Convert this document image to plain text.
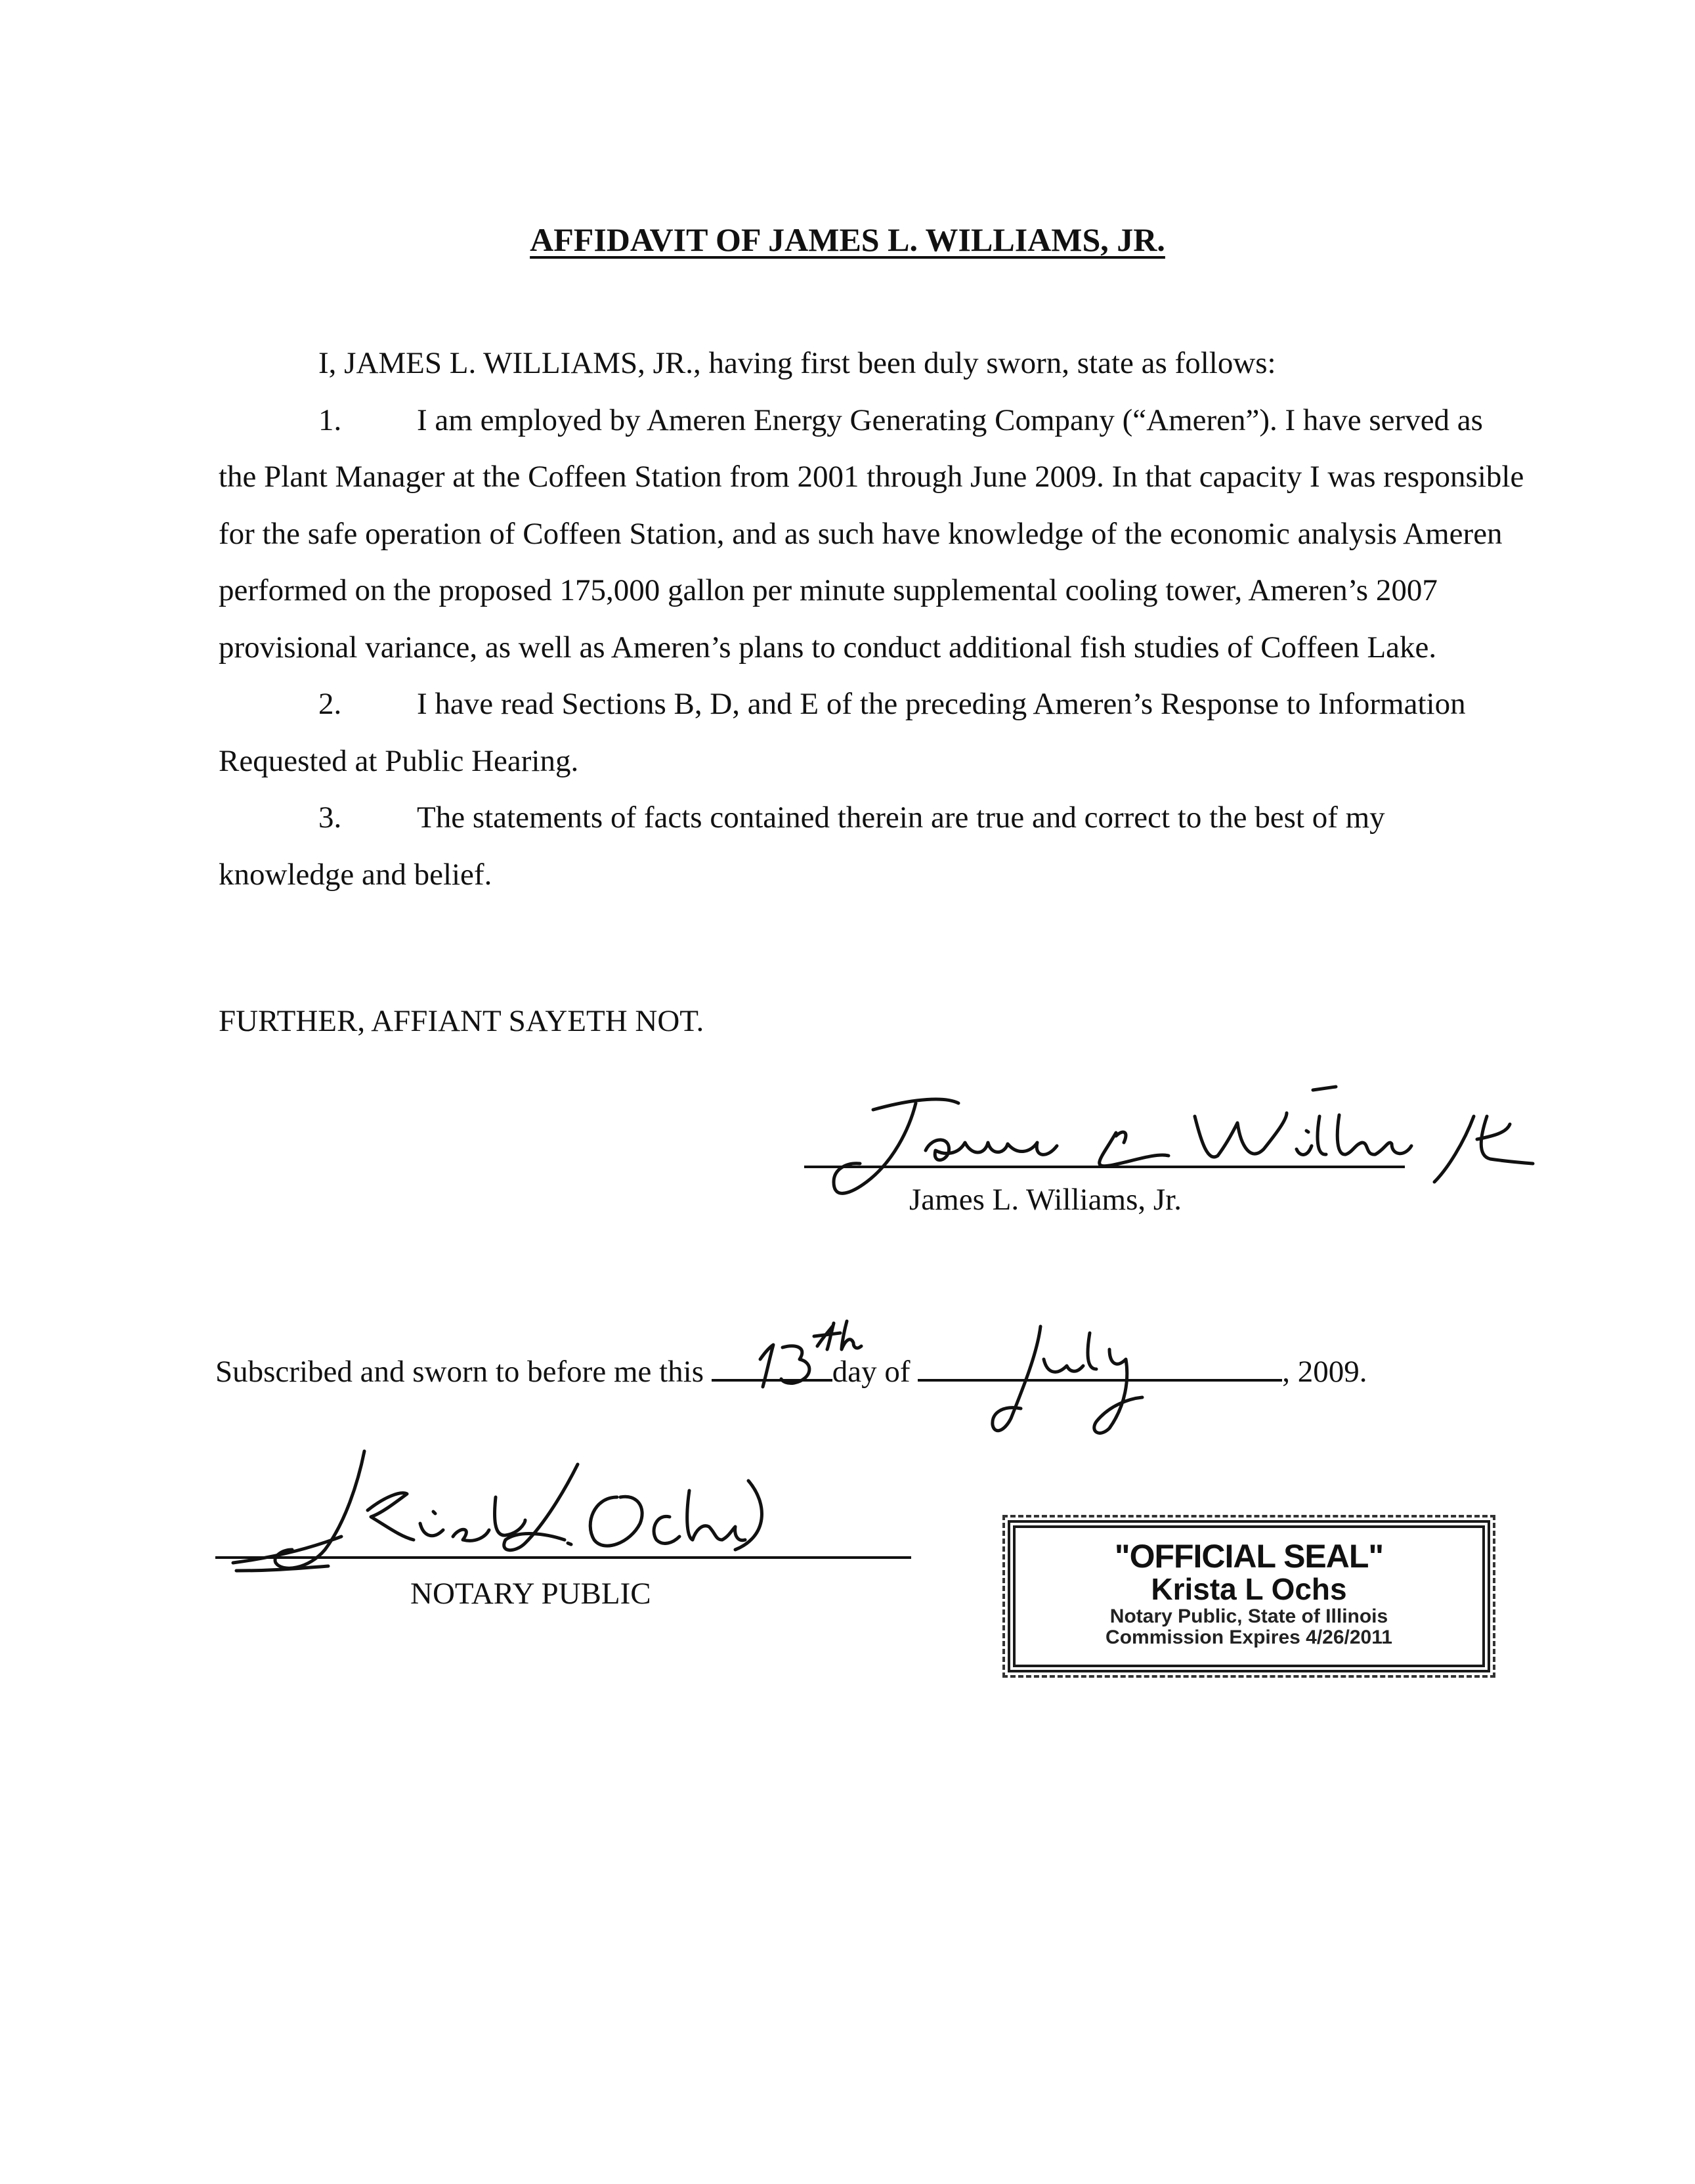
AFFIDAVIT OF JAMES L. WILLIAMS, JR.

I, JAMES L. WILLIAMS, JR., having first been duly sworn, state as follows:

1. I am employed by Ameren Energy Generating Company (“Ameren”). I have served as the Plant Manager at the Coffeen Station from 2001 through June 2009. In that capacity I was responsible for the safe operation of Coffeen Station, and as such have knowledge of the economic analysis Ameren performed on the proposed 175,000 gallon per minute supplemental cooling tower, Ameren’s 2007 provisional variance, as well as Ameren’s plans to conduct additional fish studies of Coffeen Lake.

2. I have read Sections B, D, and E of the preceding Ameren’s Response to Information Requested at Public Hearing.

3. The statements of facts contained therein are true and correct to the best of my knowledge and belief.

FURTHER, AFFIANT SAYETH NOT.
James L. Williams, Jr.
Subscribed and sworn to before me this	day of	, 2009.
NOTARY PUBLIC
"OFFICIAL SEAL"
Krista L Ochs
Notary Public, State of Illinois
Commission Expires 4/26/2011
